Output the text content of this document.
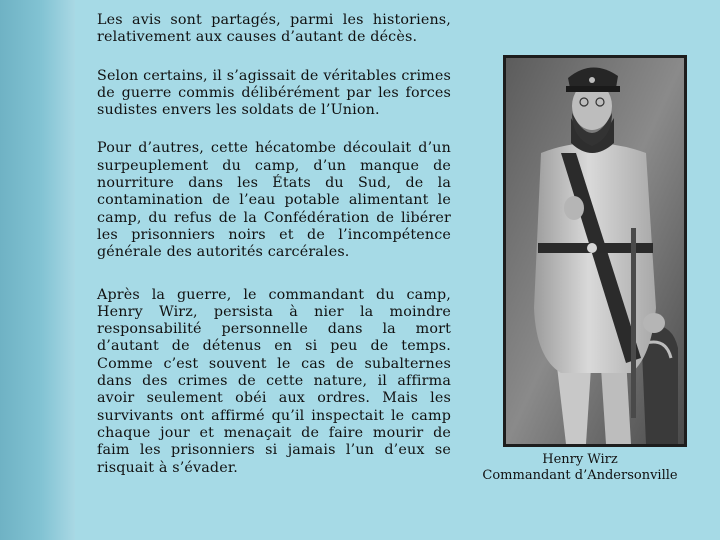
Les avis sont partagés, parmi les historiens, relativement aux causes d’autant de décès.

Selon certains, il s’agissait de véritables crimes de guerre commis délibérément par les forces sudistes envers les soldats de l’Union.

Pour d’autres, cette hécatombe découlait d’un surpeuplement du camp, d’un manque de nourriture dans les États du Sud, de la contamination de l’eau potable alimentant le camp, du refus de la Confédération de libérer les prisonniers noirs et de l’incompétence générale des autorités carcérales.

Après la guerre, le commandant du camp, Henry Wirz, persista à nier la moindre responsabilité personnelle dans la mort d’autant de détenus en si peu de temps. Comme c’est souvent le cas de subalternes dans des crimes de cette nature, il affirma avoir seulement obéi aux ordres. Mais les survivants ont affirmé qu’il inspectait le camp chaque jour et menaçait de faire mourir de faim les prisonniers si jamais l’un d’eux se risquait à s’évader.

Henry Wirz
Commandant d’Andersonville
